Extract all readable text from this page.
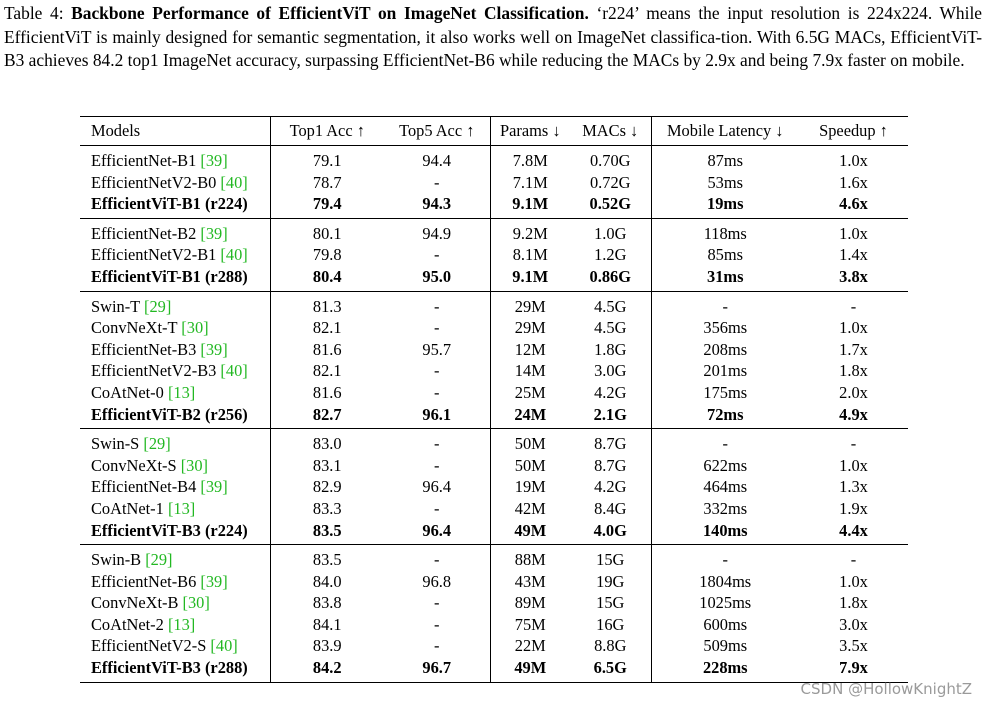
Table 4: Backbone Performance of EfficientViT on ImageNet Classification. ‘r224’ means the input resolution is 224x224. While EfficientViT is mainly designed for semantic segmentation, it also works well on ImageNet classifica-tion. With 6.5G MACs, EfficientViT-B3 achieves 84.2 top1 ImageNet accuracy, surpassing EfficientNet-B6 while reducing the MACs by 2.9x and being 7.9x faster on mobile.
Models	Top1 Acc ↑	Top5 Acc ↑	Params ↓	MACs ↓	Mobile Latency ↓	Speedup ↑
EfficientNet-B1 [39]	79.1	94.4	7.8M	0.70G	87ms	1.0x
EfficientNetV2-B0 [40]	78.7	-	7.1M	0.72G	53ms	1.6x
EfficientViT-B1 (r224)	79.4	94.3	9.1M	0.52G	19ms	4.6x
EfficientNet-B2 [39]	80.1	94.9	9.2M	1.0G	118ms	1.0x
EfficientNetV2-B1 [40]	79.8	-	8.1M	1.2G	85ms	1.4x
EfficientViT-B1 (r288)	80.4	95.0	9.1M	0.86G	31ms	3.8x
Swin-T [29]	81.3	-	29M	4.5G	-	-
ConvNeXt-T [30]	82.1	-	29M	4.5G	356ms	1.0x
EfficientNet-B3 [39]	81.6	95.7	12M	1.8G	208ms	1.7x
EfficientNetV2-B3 [40]	82.1	-	14M	3.0G	201ms	1.8x
CoAtNet-0 [13]	81.6	-	25M	4.2G	175ms	2.0x
EfficientViT-B2 (r256)	82.7	96.1	24M	2.1G	72ms	4.9x
Swin-S [29]	83.0	-	50M	8.7G	-	-
ConvNeXt-S [30]	83.1	-	50M	8.7G	622ms	1.0x
EfficientNet-B4 [39]	82.9	96.4	19M	4.2G	464ms	1.3x
CoAtNet-1 [13]	83.3	-	42M	8.4G	332ms	1.9x
EfficientViT-B3 (r224)	83.5	96.4	49M	4.0G	140ms	4.4x
Swin-B [29]	83.5	-	88M	15G	-	-
EfficientNet-B6 [39]	84.0	96.8	43M	19G	1804ms	1.0x
ConvNeXt-B [30]	83.8	-	89M	15G	1025ms	1.8x
CoAtNet-2 [13]	84.1	-	75M	16G	600ms	3.0x
EfficientNetV2-S [40]	83.9	-	22M	8.8G	509ms	3.5x
EfficientViT-B3 (r288)	84.2	96.7	49M	6.5G	228ms	7.9x
CSDN @HollowKnightZ
